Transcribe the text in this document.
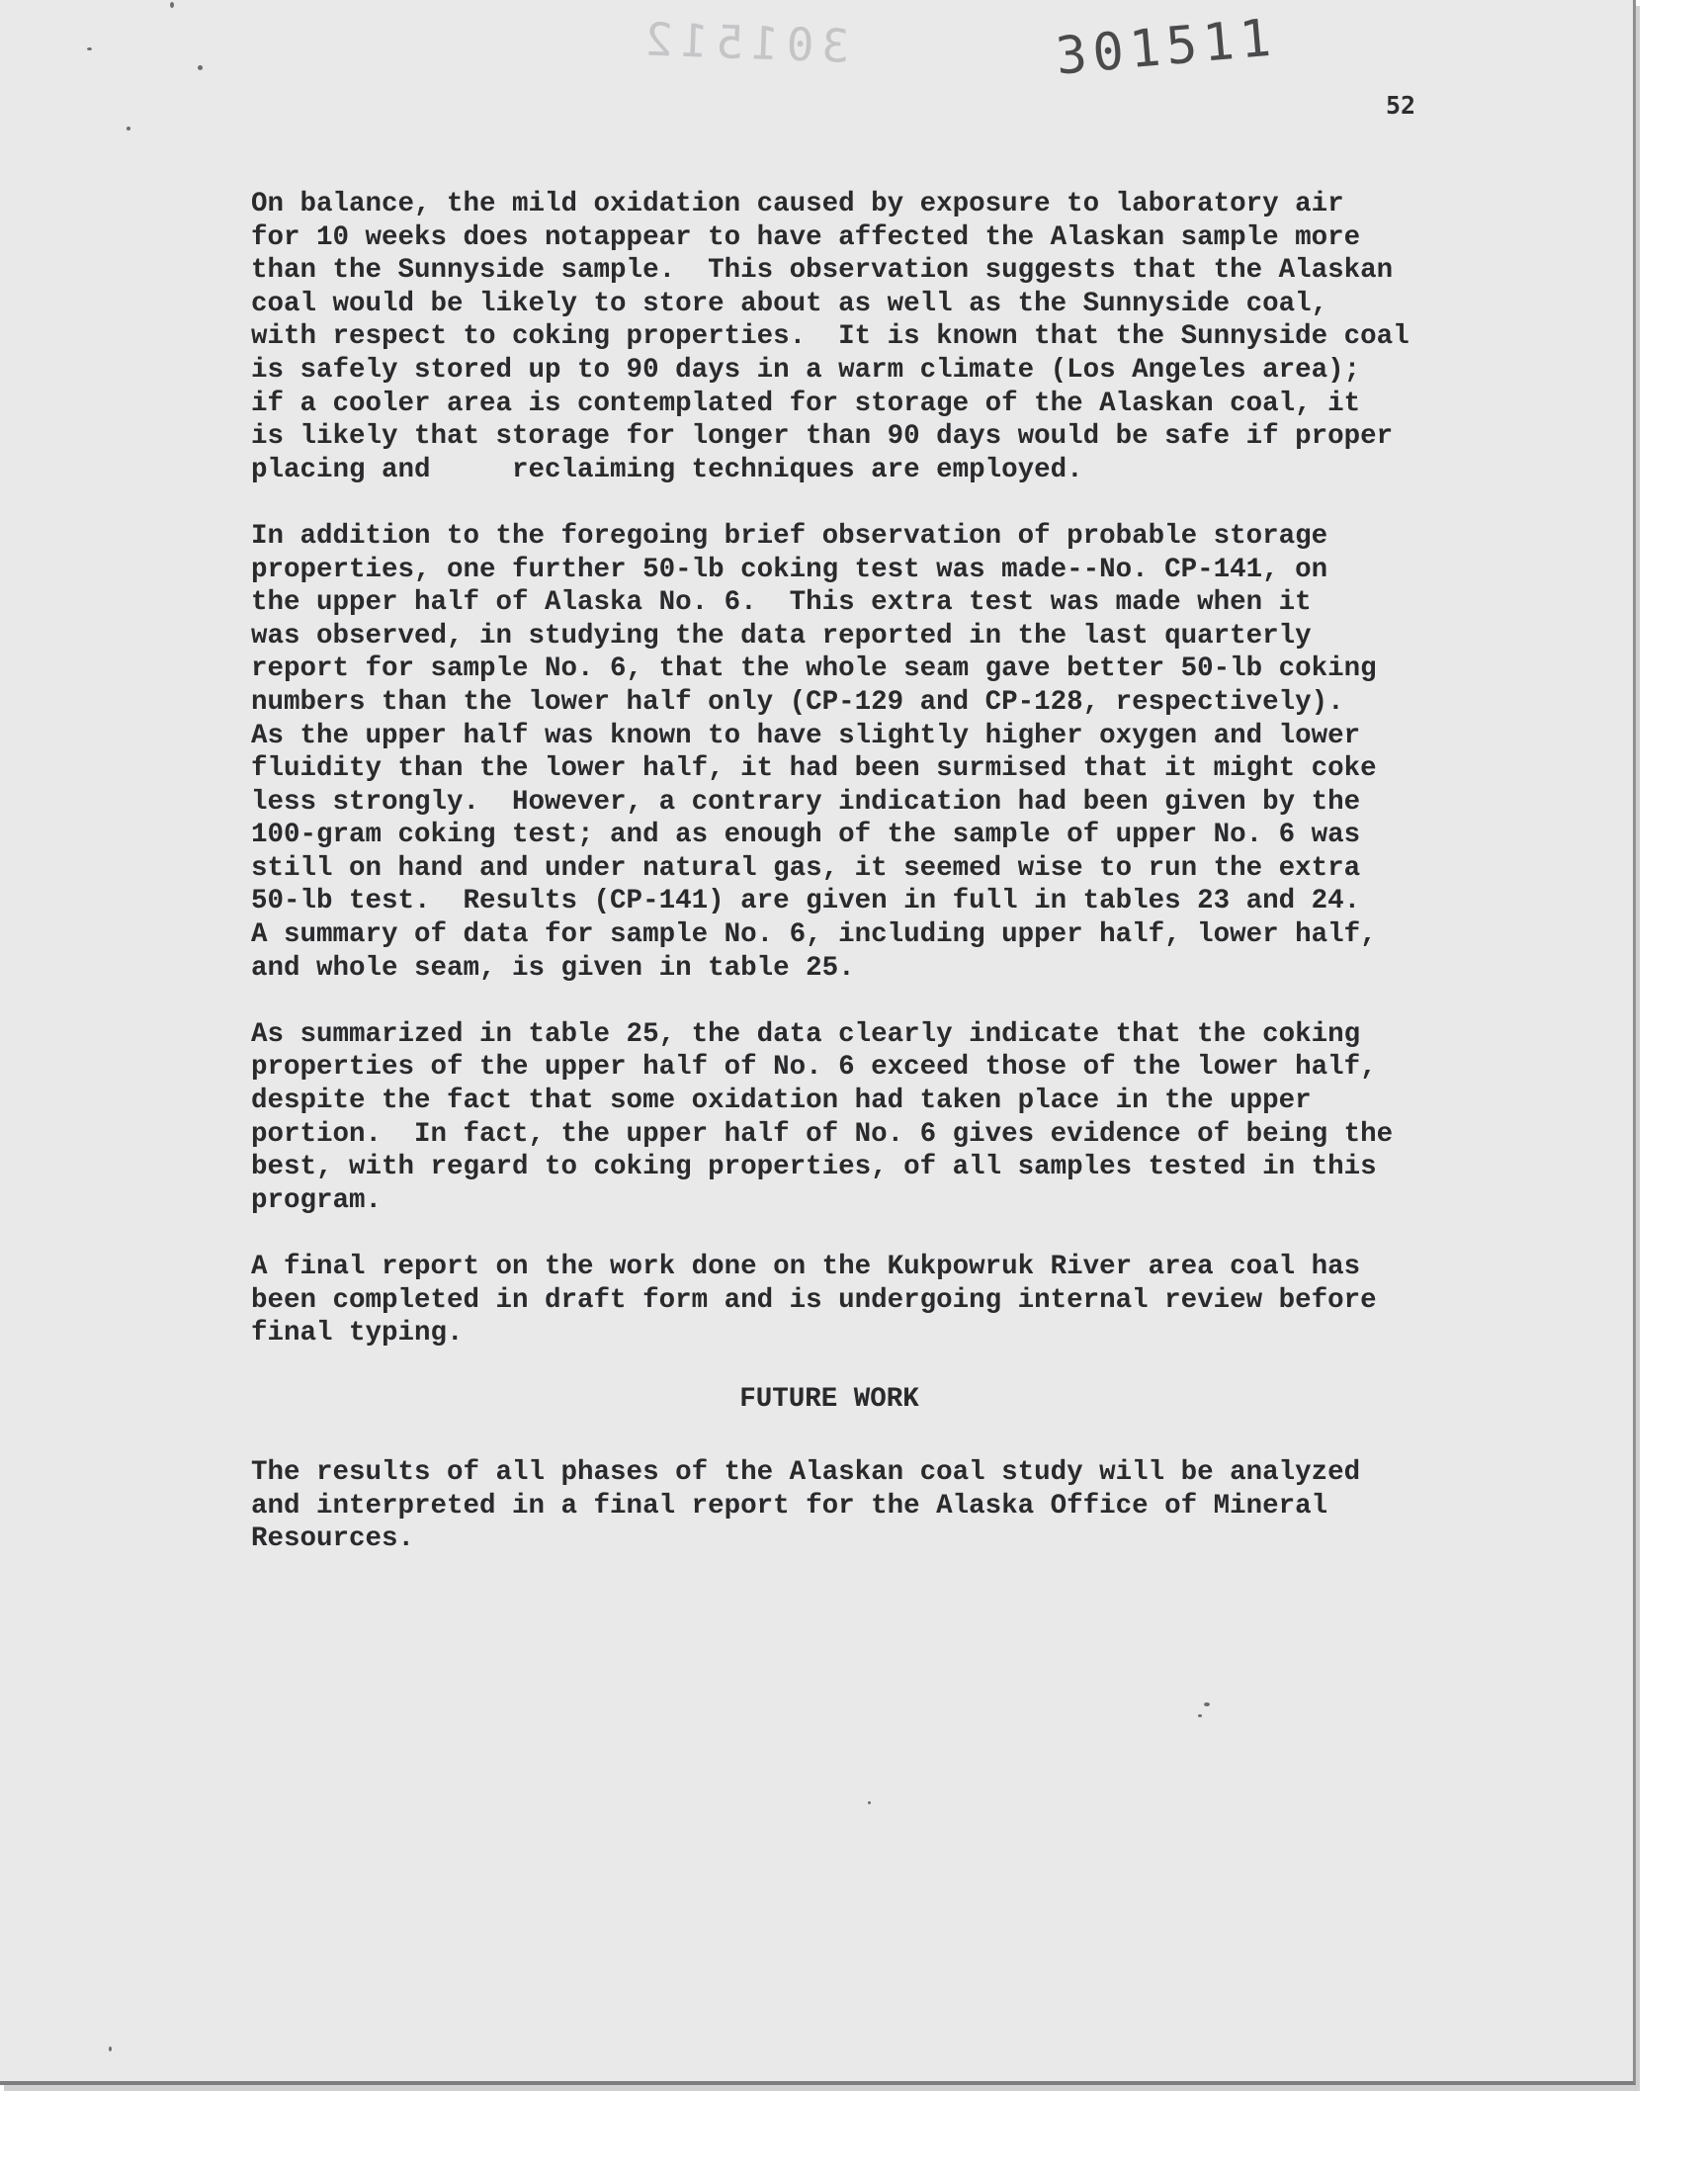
301512	301511
52
On balance, the mild oxidation caused by exposure to laboratory air
for 10 weeks does notappear to have affected the Alaskan sample more
than the Sunnyside sample.  This observation suggests that the Alaskan
coal would be likely to store about as well as the Sunnyside coal,
with respect to coking properties.  It is known that the Sunnyside coal
is safely stored up to 90 days in a warm climate (Los Angeles area);
if a cooler area is contemplated for storage of the Alaskan coal, it
is likely that storage for longer than 90 days would be safe if proper
placing and     reclaiming techniques are employed.
In addition to the foregoing brief observation of probable storage
properties, one further 50-lb coking test was made--No. CP-141, on
the upper half of Alaska No. 6.  This extra test was made when it
was observed, in studying the data reported in the last quarterly
report for sample No. 6, that the whole seam gave better 50-lb coking
numbers than the lower half only (CP-129 and CP-128, respectively).
As the upper half was known to have slightly higher oxygen and lower
fluidity than the lower half, it had been surmised that it might coke
less strongly.  However, a contrary indication had been given by the
100-gram coking test; and as enough of the sample of upper No. 6 was
still on hand and under natural gas, it seemed wise to run the extra
50-lb test.  Results (CP-141) are given in full in tables 23 and 24.
A summary of data for sample No. 6, including upper half, lower half,
and whole seam, is given in table 25.
As summarized in table 25, the data clearly indicate that the coking
properties of the upper half of No. 6 exceed those of the lower half,
despite the fact that some oxidation had taken place in the upper
portion.  In fact, the upper half of No. 6 gives evidence of being the
best, with regard to coking properties, of all samples tested in this
program.
A final report on the work done on the Kukpowruk River area coal has
been completed in draft form and is undergoing internal review before
final typing.
FUTURE WORK
The results of all phases of the Alaskan coal study will be analyzed
and interpreted in a final report for the Alaska Office of Mineral
Resources.
